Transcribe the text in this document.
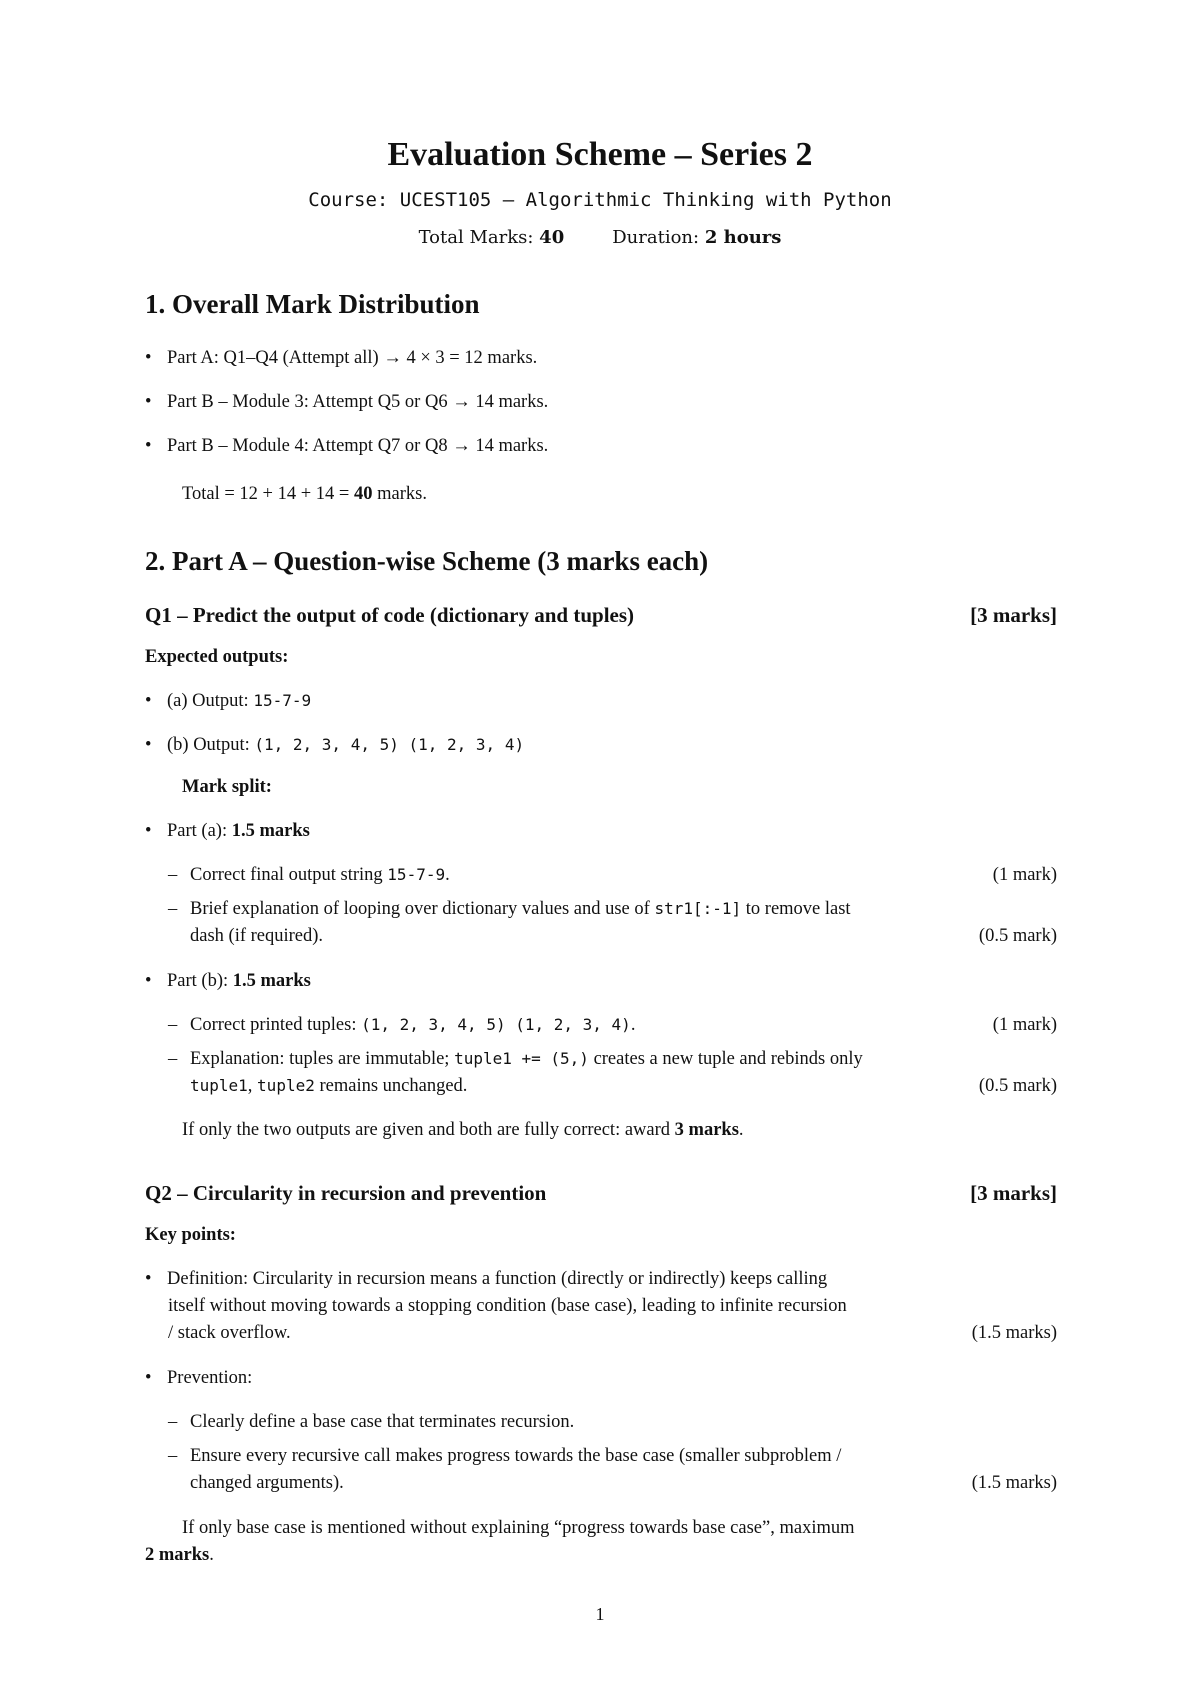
Evaluation Scheme – Series 2
Course: UCEST105 – Algorithmic Thinking with Python
Total Marks: 40	Duration: 2 hours
1. Overall Mark Distribution
• Part A: Q1–Q4 (Attempt all) → 4 × 3 = 12 marks.
• Part B – Module 3: Attempt Q5 or Q6 → 14 marks.
• Part B – Module 4: Attempt Q7 or Q8 → 14 marks.
Total = 12 + 14 + 14 = 40 marks.
2. Part A – Question-wise Scheme (3 marks each)
Q1 – Predict the output of code (dictionary and tuples)	[3 marks]
Expected outputs:
• (a) Output: 15-7-9
• (b) Output: (1, 2, 3, 4, 5) (1, 2, 3, 4)
Mark split:
• Part (a): 1.5 marks
– Correct final output string 15-7-9.	(1 mark)
– Brief explanation of looping over dictionary values and use of str1[:-1] to remove last
dash (if required).	(0.5 mark)
• Part (b): 1.5 marks
– Correct printed tuples: (1, 2, 3, 4, 5) (1, 2, 3, 4).	(1 mark)
– Explanation: tuples are immutable; tuple1 += (5,) creates a new tuple and rebinds only
tuple1, tuple2 remains unchanged.	(0.5 mark)
If only the two outputs are given and both are fully correct: award 3 marks.
Q2 – Circularity in recursion and prevention	[3 marks]
Key points:
• Definition: Circularity in recursion means a function (directly or indirectly) keeps calling
itself without moving towards a stopping condition (base case), leading to infinite recursion
/ stack overflow.	(1.5 marks)
• Prevention:
– Clearly define a base case that terminates recursion.
– Ensure every recursive call makes progress towards the base case (smaller subproblem /
changed arguments).	(1.5 marks)
If only base case is mentioned without explaining “progress towards base case”, maximum
2 marks.
1
